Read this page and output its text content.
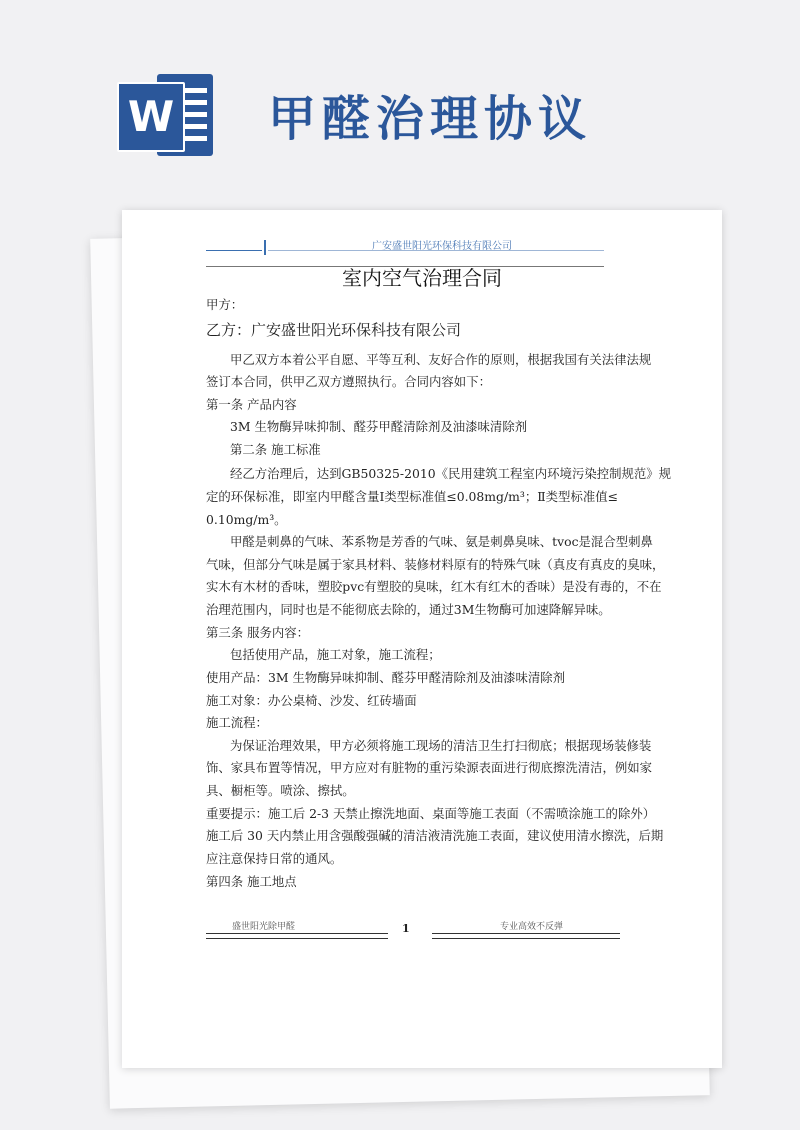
W 甲醛治理协议
广安盛世阳光环保科技有限公司
室内空气治理合同
甲方：
乙方：广安盛世阳光环保科技有限公司
甲乙双方本着公平自愿、平等互利、友好合作的原则，根据我国有关法律法规
签订本合同，供甲乙双方遵照执行。合同内容如下：
第一条 产品内容
3M 生物酶异味抑制、醛芬甲醛清除剂及油漆味清除剂
第二条 施工标准
经乙方治理后，达到GB50325-2010《民用建筑工程室内环境污染控制规范》规
定的环保标准，即室内甲醛含量Ⅰ类型标准值≤0.08mg/m³；Ⅱ类型标准值≤
0.10mg/m³。
甲醛是刺鼻的气味、苯系物是芳香的气味、氨是刺鼻臭味、tvoc是混合型刺鼻
气味，但部分气味是属于家具材料、装修材料原有的特殊气味（真皮有真皮的臭味，
实木有木材的香味，塑胶pvc有塑胶的臭味，红木有红木的香味）是没有毒的，不在
治理范围内，同时也是不能彻底去除的，通过3M生物酶可加速降解异味。
第三条 服务内容：
包括使用产品，施工对象，施工流程；
使用产品：3M 生物酶异味抑制、醛芬甲醛清除剂及油漆味清除剂
施工对象：办公桌椅、沙发、红砖墙面
施工流程：
为保证治理效果，甲方必须将施工现场的清洁卫生打扫彻底；根据现场装修装
饰、家具布置等情况，甲方应对有脏物的重污染源表面进行彻底擦洗清洁，例如家
具、橱柜等。喷涂、擦拭。
重要提示：施工后 2-3 天禁止擦洗地面、桌面等施工表面（不需喷涂施工的除外）
施工后 30 天内禁止用含强酸强碱的清洁液清洗施工表面，建议使用清水擦洗，后期
应注意保持日常的通风。
第四条 施工地点
盛世阳光除甲醛	1	专业高效不反弹
